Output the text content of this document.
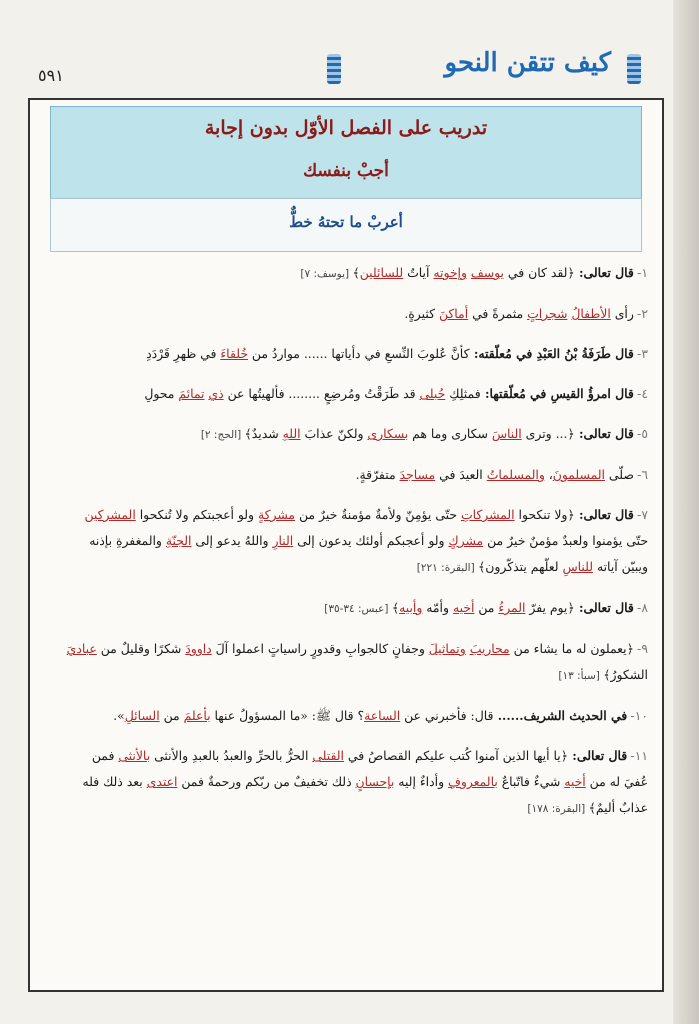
٥٩١	كيف تتقن النحو
تدريب على الفصل الأوّل بدون إجابة
أجبْ بنفسك
أعربْ ما تحتهُ خطٌّ
١-قال تعالى: ﴿لقد كان في يوسف وإخوته آياتٌ للسائلين﴾ [يوسف: ٧]
٢-رأى الأطفالُ شجراتٍ مثمرةً في أماكنَ كثيرةٍ.
٣-قال طَرَفَةُ بْنُ العَبْدِ في مُعلّقته: كأنَّ عُلوبَ النِّسعِ في دأياتها ...... مواردُ من خُلقاءَ في ظهرِ قَرْدَدِ
٤-قال امرؤُ القيسِ في مُعلّقتها: فمثلِكِ حُبلى قد طَرَقْتُ ومُرضِعٍ ........ فألهيتُها عن ذي تمائمَ محولِ
٥-قال تعالى: ﴿... وترى الناسَ سكارى وما هم بسكارى ولكنّ عذابَ اللهِ شديدٌ﴾ [الحج: ٢]
٦-صلّى المسلمونَ، والمسلماتُ العيدَ في مساجدَ متفرّقةٍ.
٧-قال تعالى: ﴿ولا تنكحوا المشركاتِ حتّى يؤمِنّ ولأمةٌ مؤمنةٌ خيرٌ من مشركةٍ ولو أعجبتكم ولا تُنكحوا المشركين حتّى يؤمنوا ولعبدٌ مؤمنٌ خيرٌ من مشركٍ ولو أعجبكم أولئك يدعون إلى النارِ واللهُ يدعو إلى الجنّةِ والمغفرةِ بإذنه ويبيّن آياته للناسِ لعلّهم يتذكّرون﴾ [البقرة: ٢٢١]
٨-قال تعالى: ﴿يوم يفرّ المرءُ من أخيه وأمّه وأبيه﴾ [عبس: ٣٤-٣٥]
٩-﴿يعملون له ما يشاء من محاريبَ وتماثيلَ وجفانٍ كالجوابِ وقدورٍ راسياتٍ اعملوا آلَ داوودَ شكرًا وقليلٌ من عباديَ الشكورُ﴾ [سبأ: ١٣]
١٠-في الحديث الشريف...... قال: فأخبرني عن الساعة؟ قال ﷺ: «ما المسؤولُ عنها بأعلمَ من السائلِ».
١١-قال تعالى: ﴿يا أيها الذين آمنوا كُتب عليكم القصاصُ في القتلى الحرُّ بالحرِّ والعبدُ بالعبدِ والأنثى بالأنثى فمن عُفيَ له من أخيه شيءٌ فاتّباعٌ بالمعروفِ وأداءٌ إليه بإحسانٍ ذلك تخفيفٌ من ربّكم ورحمةٌ فمن اعتدى بعد ذلك فله عذابٌ أليمٌ﴾ [البقرة: ١٧٨]
